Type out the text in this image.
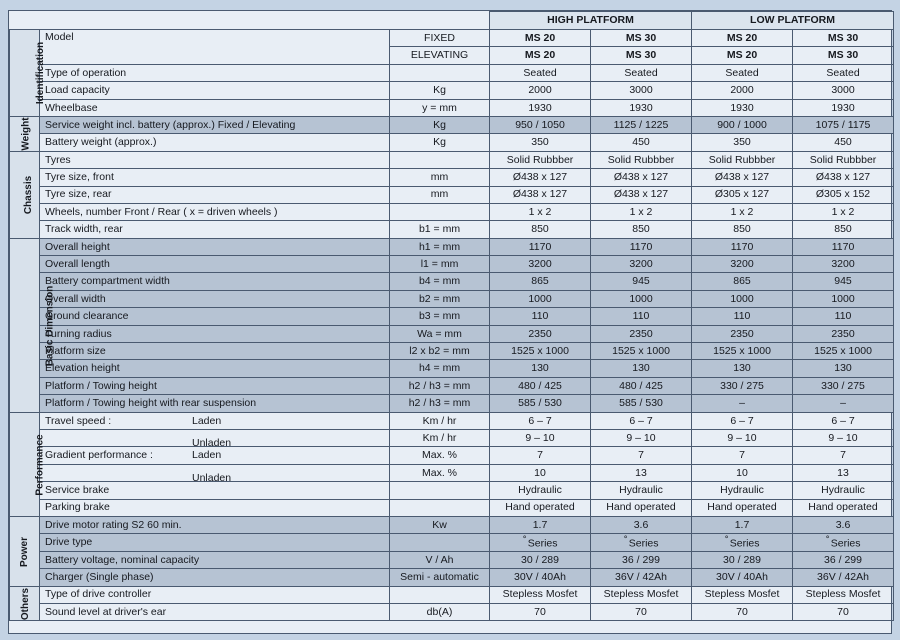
			HIGH PLATFORM		LOW PLATFORM	
Identification	Model	FIXED	MS 20	MS 30	MS 20	MS 30
		ELEVATING	MS 20	MS 30	MS 20	MS 30
	Type of operation		Seated	Seated	Seated	Seated
	Load capacity	Kg	2000	3000	2000	3000
	Wheelbase	y = mm	1930	1930	1930	1930
Weight	Service weight incl. battery (approx.) Fixed / Elevating	Kg	950 / 1050	1125 / 1225	900 / 1000	1075 / 1175
	Battery weight (approx.)	Kg	350	450	350	450
Chassis	Tyres		Solid Rubbber	Solid Rubbber	Solid Rubbber	Solid Rubbber
	Tyre size, front	mm	Ø438 x 127	Ø438 x 127	Ø438 x 127	Ø438 x 127
	Tyre size, rear	mm	Ø438 x 127	Ø438 x 127	Ø305 x 127	Ø305 x 152
	Wheels, number Front / Rear ( x = driven wheels )		1 x 2	1 x 2	1 x 2	1 x 2
	Track width, rear	b1 = mm	850	850	850	850
Basic Dimension	Overall height	h1 = mm	1170	1170	1170	1170
	Overall length	l1 = mm	3200	3200	3200	3200
	Battery compartment width	b4 = mm	865	945	865	945
	Overall width	b2 = mm	1000	1000	1000	1000
	Ground clearance	b3 = mm	110	110	110	110
	Turning radius	Wa = mm	2350	2350	2350	2350
	Platform size	l2 x b2 = mm	1525 x 1000	1525 x 1000	1525 x 1000	1525 x 1000
	Elevation height	h4 = mm	130	130	130	130
	Platform / Towing height	h2 / h3 = mm	480 / 425	480 / 425	330 / 275	330 / 275
	Platform / Towing height with rear suspension	h2 / h3 = mm	585 / 530	585 / 530	–	–
Performance	Travel speed : Laden	Km / hr	6 – 7	6 – 7	6 – 7	6 – 7

	Unladen	Km / hr	9 – 10	9 – 10	9 – 10	9 – 10
	Gradient performance : Laden	Max. %	7	7	7	7

	Unladen	Max. %	10	13	10	13
	Service brake		Hydraulic	Hydraulic	Hydraulic	Hydraulic
	Parking brake		Hand operated	Hand operated	Hand operated	Hand operated
Power	Drive motor rating S2 60 min.	Kw	1.7	3.6	1.7	3.6
	Drive type		°Series	°Series	°Series	°Series
	Battery voltage, nominal capacity	V / Ah	30 / 289	36 / 299	30 / 289	36 / 299
	Charger (Single phase)	Semi - automatic	30V / 40Ah	36V / 42Ah	30V / 40Ah	36V / 42Ah
Others	Type of drive controller		Stepless Mosfet	Stepless Mosfet	Stepless Mosfet	Stepless Mosfet
	Sound level at driver's ear	db(A)	70	70	70	70
